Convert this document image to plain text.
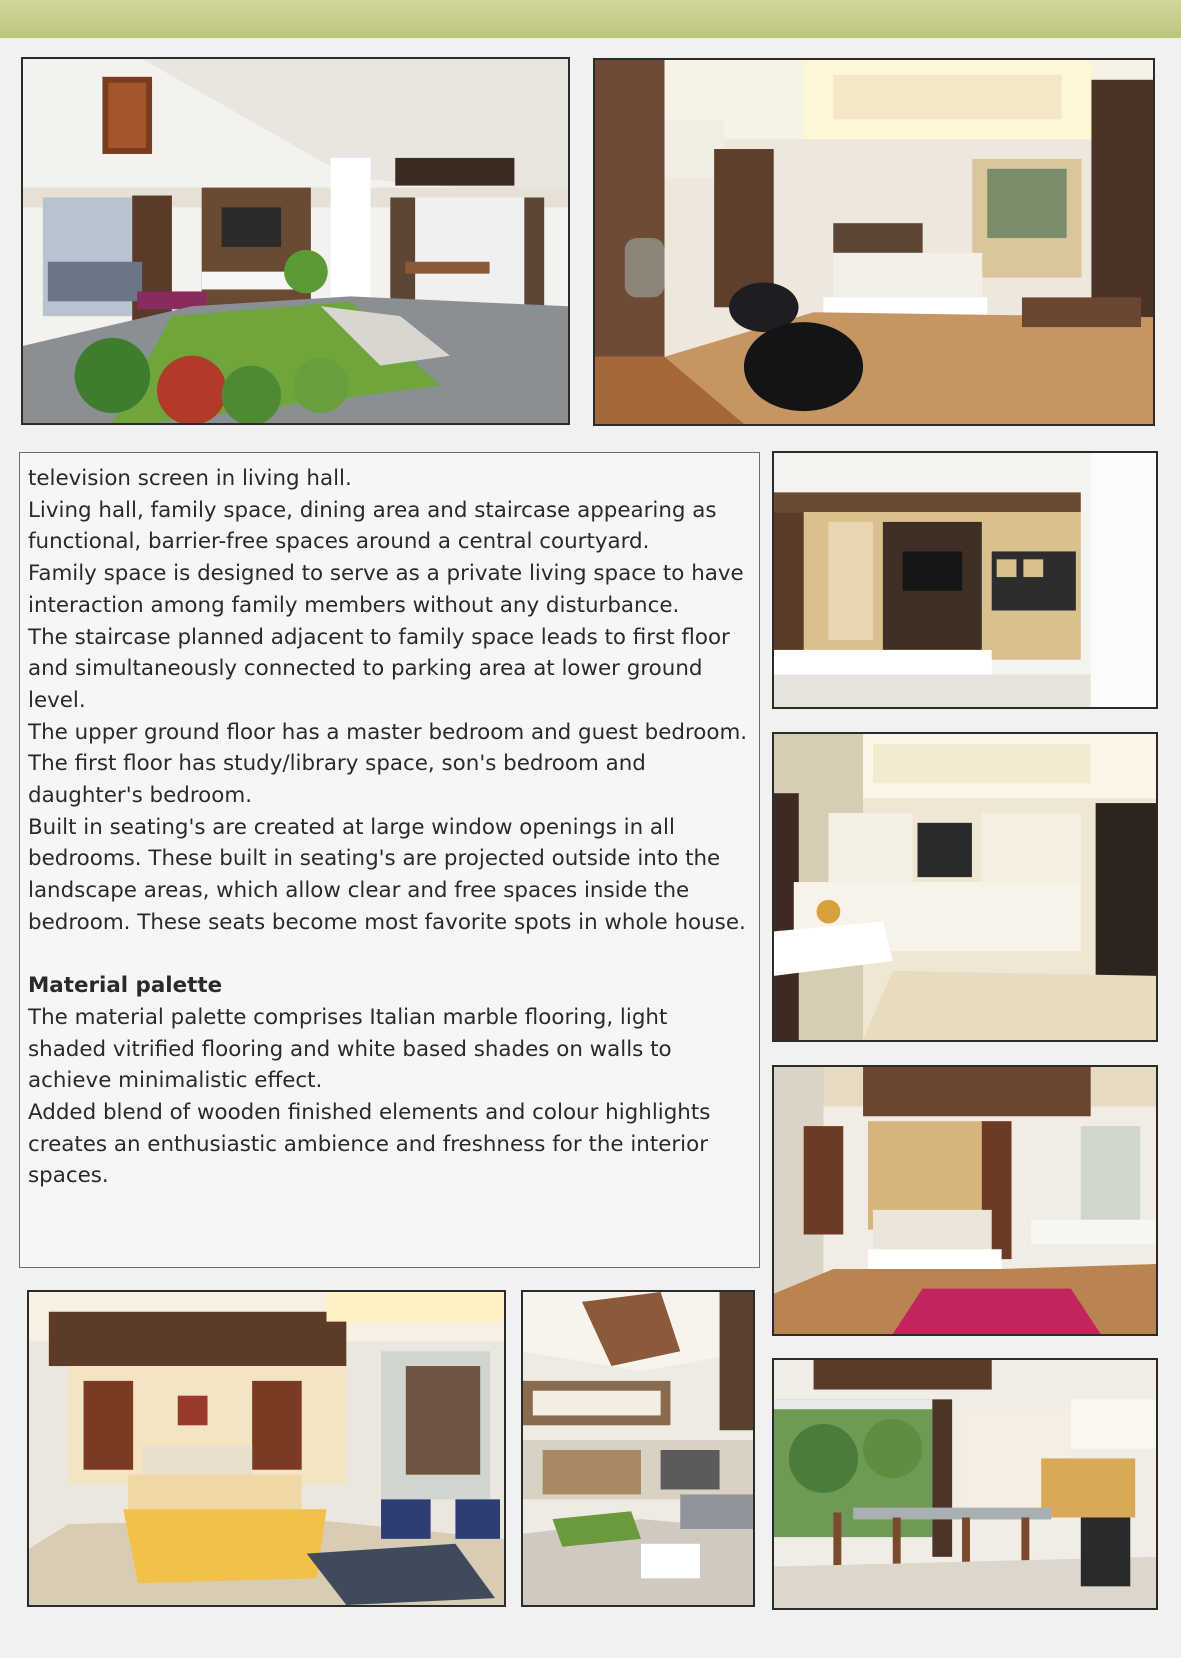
television screen in living hall.

Living hall, family space, dining area and staircase appearing as functional, barrier-free spaces around a central courtyard.

Family space is designed to serve as a private living space to have interaction among family members without any disturbance.

The staircase planned adjacent to family space leads to first floor and simultaneously connected to parking area at lower ground level.

The upper ground floor has a master bedroom and guest bedroom. The first floor has study/library space, son's bedroom and daughter's bedroom.

Built in seating's are created at large window openings in all bedrooms. These built in seating's are projected outside into the landscape areas, which allow clear and free spaces inside the bedroom. These seats become most favorite spots in whole house.

Material palette

The material palette comprises Italian marble flooring, light shaded vitrified flooring and white based shades on walls to achieve minimalistic effect.

Added blend of wooden finished elements and colour highlights creates an enthusiastic ambience and freshness for the interior spaces.
